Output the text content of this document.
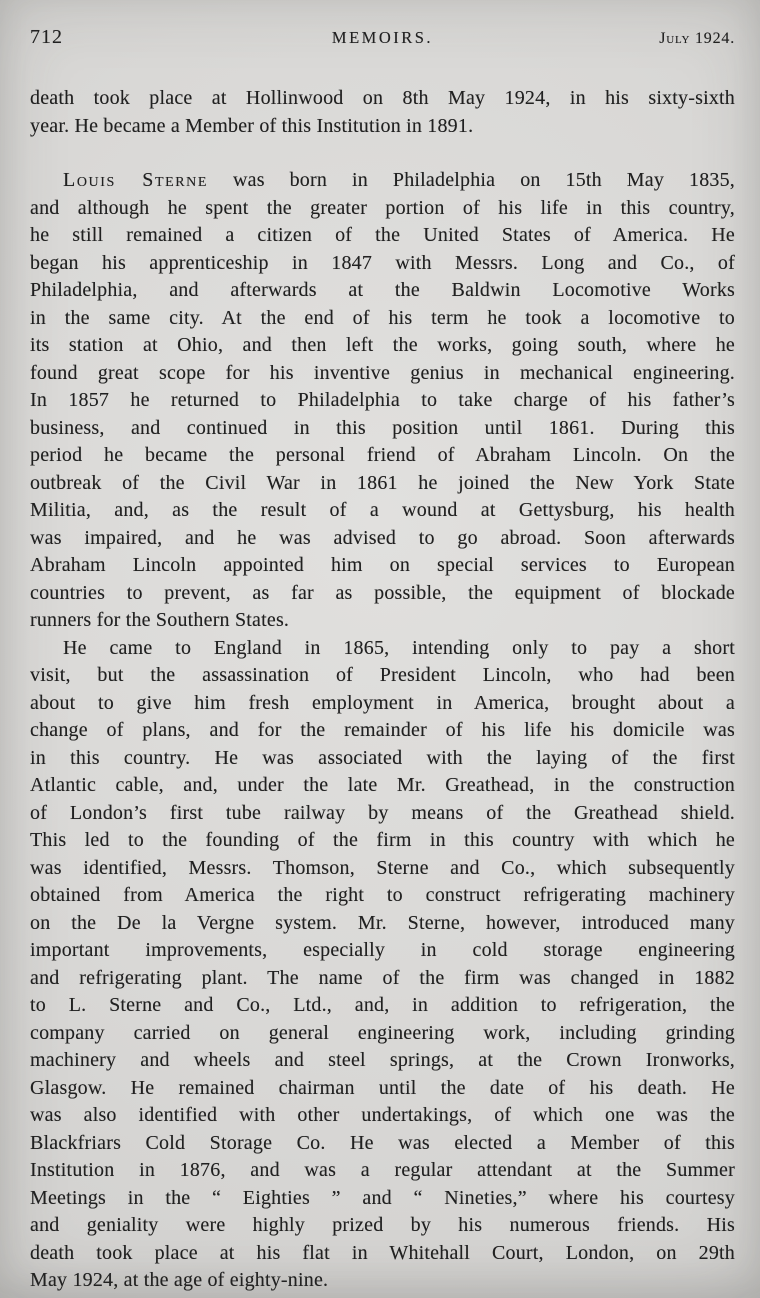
712	MEMOIRS.	July 1924.
death took place at Hollinwood on 8th May 1924, in his sixty-sixth
year. He became a Member of this Institution in 1891.
Louis Sterne was born in Philadelphia on 15th May 1835,
and although he spent the greater portion of his life in this country,
he still remained a citizen of the United States of America. He
began his apprenticeship in 1847 with Messrs. Long and Co., of
Philadelphia, and afterwards at the Baldwin Locomotive Works
in the same city. At the end of his term he took a locomotive to
its station at Ohio, and then left the works, going south, where he
found great scope for his inventive genius in mechanical engineering.
In 1857 he returned to Philadelphia to take charge of his father’s
business, and continued in this position until 1861. During this
period he became the personal friend of Abraham Lincoln. On the
outbreak of the Civil War in 1861 he joined the New York State
Militia, and, as the result of a wound at Gettysburg, his health
was impaired, and he was advised to go abroad. Soon afterwards
Abraham Lincoln appointed him on special services to European
countries to prevent, as far as possible, the equipment of blockade
runners for the Southern States.
He came to England in 1865, intending only to pay a short
visit, but the assassination of President Lincoln, who had been
about to give him fresh employment in America, brought about a
change of plans, and for the remainder of his life his domicile was
in this country. He was associated with the laying of the first
Atlantic cable, and, under the late Mr. Greathead, in the construction
of London’s first tube railway by means of the Greathead shield.
This led to the founding of the firm in this country with which he
was identified, Messrs. Thomson, Sterne and Co., which subsequently
obtained from America the right to construct refrigerating machinery
on the De la Vergne system. Mr. Sterne, however, introduced many
important improvements, especially in cold storage engineering
and refrigerating plant. The name of the firm was changed in 1882
to L. Sterne and Co., Ltd., and, in addition to refrigeration, the
company carried on general engineering work, including grinding
machinery and wheels and steel springs, at the Crown Ironworks,
Glasgow. He remained chairman until the date of his death. He
was also identified with other undertakings, of which one was the
Blackfriars Cold Storage Co. He was elected a Member of this
Institution in 1876, and was a regular attendant at the Summer
Meetings in the “ Eighties ” and “ Nineties,” where his courtesy
and geniality were highly prized by his numerous friends. His
death took place at his flat in Whitehall Court, London, on 29th
May 1924, at the age of eighty-nine.
